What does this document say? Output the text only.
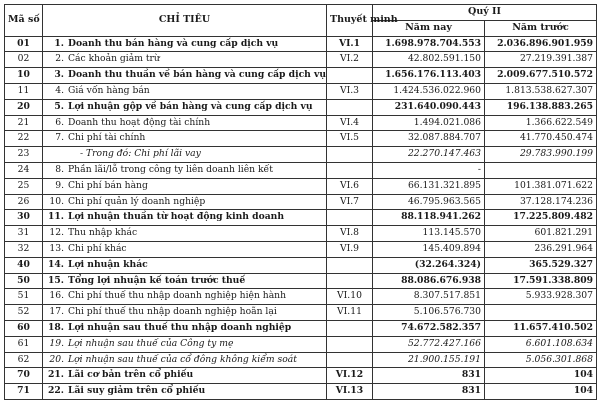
Mã số	CHỈ TIÊU	Thuyết minh	Quý II	
			Năm nay	Năm trước
01	1. Doanh thu bán hàng và cung cấp dịch vụ	VI.1	1.698.978.704.553	2.036.896.901.959
02	2. Các khoản giảm trừ	VI.2	42.802.591.150	27.219.391.387
10	3. Doanh thu thuần về bán hàng và cung cấp dịch vụ		1.656.176.113.403	2.009.677.510.572
11	4. Giá vốn hàng bán	VI.3	1.424.536.022.960	1.813.538.627.307
20	5. Lợi nhuận gộp về bán hàng và cung cấp dịch vụ		231.640.090.443	196.138.883.265
21	6. Doanh thu hoạt động tài chính	VI.4	1.494.021.086	1.366.622.549
22	7. Chi phí tài chính	VI.5	32.087.884.707	41.770.450.474
23	- Trong đó: Chi phí lãi vay		22.270.147.463	29.783.990.199
24	8. Phần lãi/lỗ trong công ty liên doanh liên kết		-	
25	9. Chi phí bán hàng	VI.6	66.131.321.895	101.381.071.622
26	10. Chi phí quản lý doanh nghiệp	VI.7	46.795.963.565	37.128.174.236
30	11. Lợi nhuận thuần từ hoạt động kinh doanh		88.118.941.262	17.225.809.482
31	12. Thu nhập khác	VI.8	113.145.570	601.821.291
32	13. Chi phí khác	VI.9	145.409.894	236.291.964
40	14. Lợi nhuận khác		(32.264.324)	365.529.327
50	15. Tổng lợi nhuận kế toán trước thuế		88.086.676.938	17.591.338.809
51	16. Chi phí thuế thu nhập doanh nghiệp hiện hành	VI.10	8.307.517.851	5.933.928.307
52	17. Chi phí thuế thu nhập doanh nghiệp hoãn lại	VI.11	5.106.576.730	
60	18. Lợi nhuận sau thuế thu nhập doanh nghiệp		74.672.582.357	11.657.410.502
61	19. Lợi nhuận sau thuế của Công ty mẹ		52.772.427.166	6.601.108.634
62	20. Lợi nhuận sau thuế của cổ đông không kiểm soát		21.900.155.191	5.056.301.868
70	21. Lãi cơ bản trên cổ phiếu	VI.12	831	104
71	22. Lãi suy giảm trên cổ phiếu	VI.13	831	104
